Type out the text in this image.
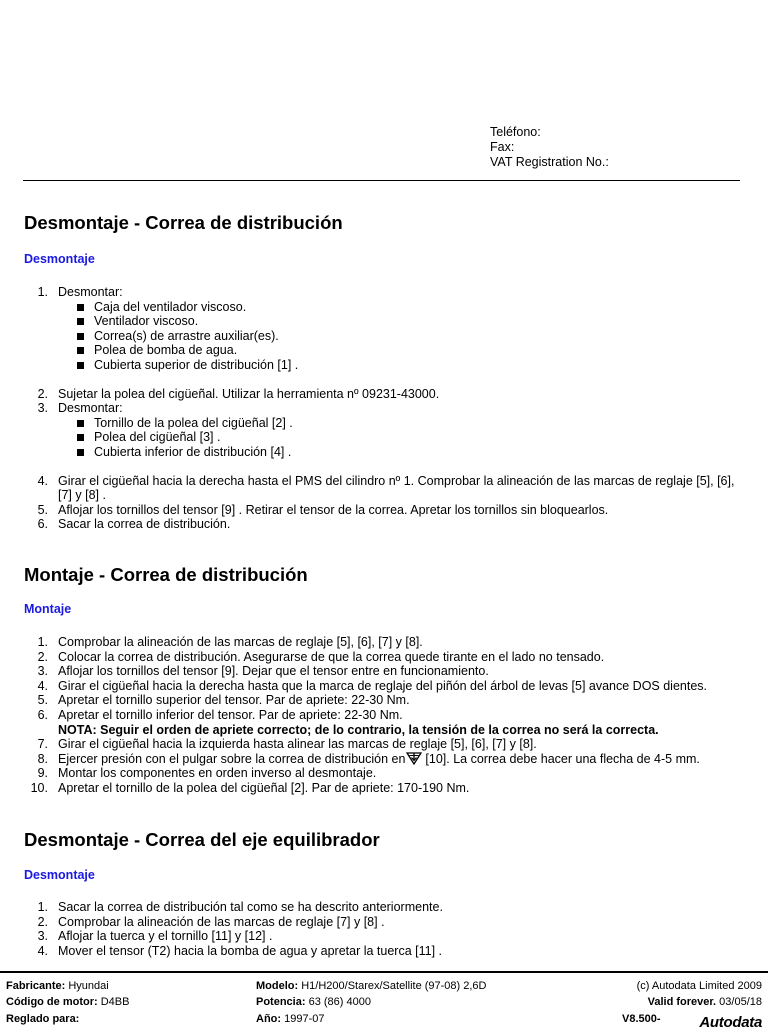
Teléfono:
Fax:
VAT Registration No.:
Desmontaje - Correa de distribución
Desmontaje
1. Desmontar:
Caja del ventilador viscoso.
Ventilador viscoso.
Correa(s) de arrastre auxiliar(es).
Polea de bomba de agua.
Cubierta superior de distribución [1] .
2. Sujetar la polea del cigüeñal. Utilizar la herramienta nº 09231-43000.
3. Desmontar:
Tornillo de la polea del cigüeñal [2] .
Polea del cigüeñal [3] .
Cubierta inferior de distribución [4] .
4. Girar el cigüeñal hacia la derecha hasta el PMS del cilindro nº 1. Comprobar la alineación de las marcas de reglaje [5], [6], [7] y [8] .
5. Aflojar los tornillos del tensor [9] . Retirar el tensor de la correa. Apretar los tornillos sin bloquearlos.
6. Sacar la correa de distribución.
Montaje - Correa de distribución
Montaje
1. Comprobar la alineación de las marcas de reglaje [5], [6], [7] y [8].
2. Colocar la correa de distribución. Asegurarse de que la correa quede tirante en el lado no tensado.
3. Aflojar los tornillos del tensor [9]. Dejar que el tensor entre en funcionamiento.
4. Girar el cigüeñal hacia la derecha hasta que la marca de reglaje del piñón del árbol de levas [5] avance DOS dientes.
5. Apretar el tornillo superior del tensor. Par de apriete: 22-30 Nm.
6. Apretar el tornillo inferior del tensor. Par de apriete: 22-30 Nm.
NOTA: Seguir el orden de apriete correcto; de lo contrario, la tensión de la correa no será la correcta.
7. Girar el cigüeñal hacia la izquierda hasta alinear las marcas de reglaje [5], [6], [7] y [8].
8. Ejercer presión con el pulgar sobre la correa de distribución en [10]. La correa debe hacer una flecha de 4-5 mm.
9. Montar los componentes en orden inverso al desmontaje.
10. Apretar el tornillo de la polea del cigüeñal [2]. Par de apriete: 170-190 Nm.
Desmontaje - Correa del eje equilibrador
Desmontaje
1. Sacar la correa de distribución tal como se ha descrito anteriormente.
2. Comprobar la alineación de las marcas de reglaje [7] y [8] .
3. Aflojar la tuerca y el tornillo [11] y [12] .
4. Mover el tensor (T2) hacia la bomba de agua y apretar la tuerca [11] .
Fabricante: Hyundai	Modelo: H1/H200/Starex/Satellite (97-08) 2,6D	(c) Autodata Limited 2009
Código de motor: D4BB	Potencia: 63 (86) 4000	Valid forever. 03/05/18
Reglado para:	Año: 1997-07	V8.500-	Autodata
